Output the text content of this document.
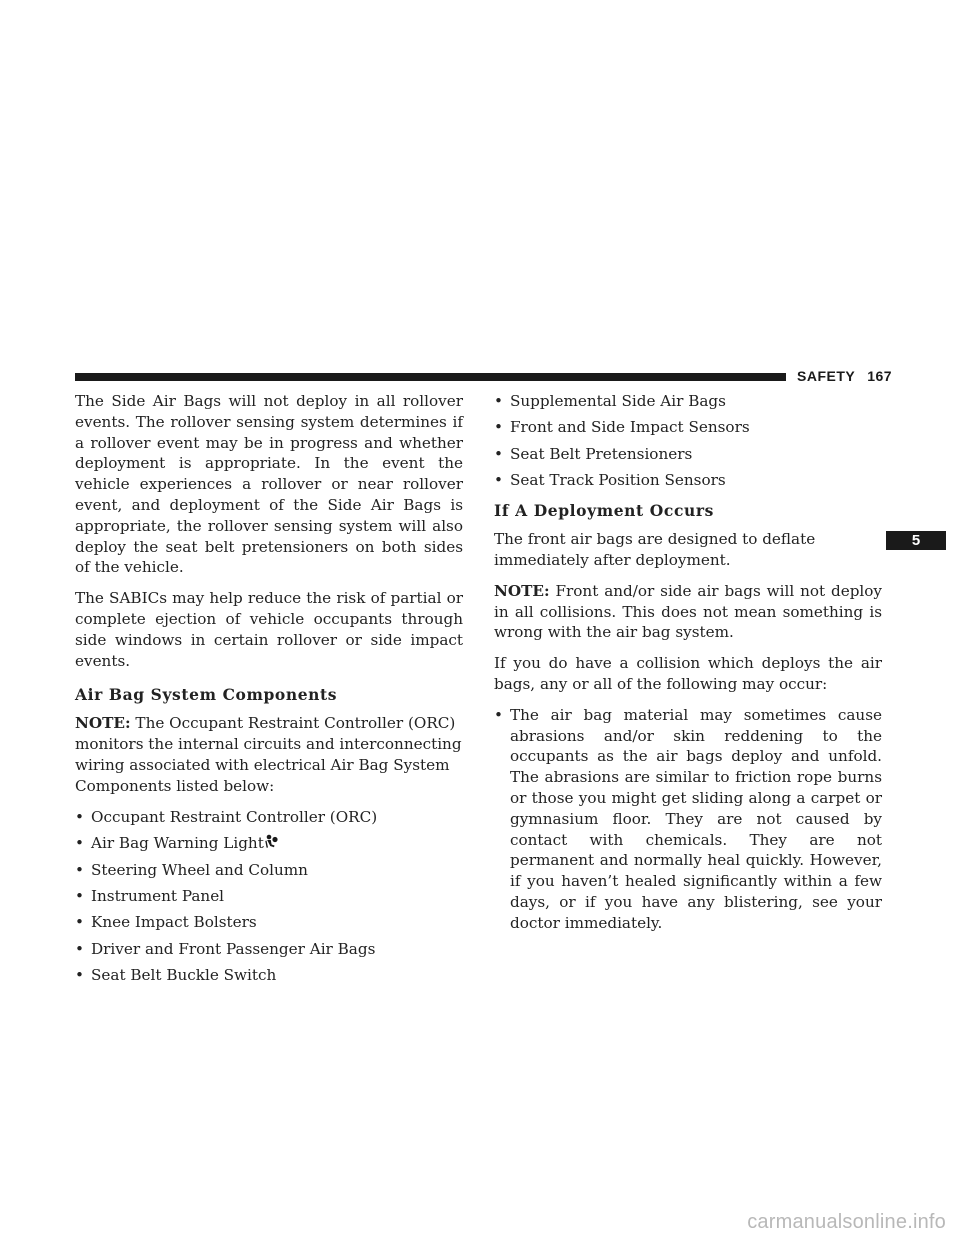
SAFETY 167
5

The Side Air Bags will not deploy in all rollover events. The rollover sensing system determines if a rollover event may be in progress and whether deployment is appropriate. In the event the vehicle experiences a rollover or near rollover event, and deployment of the Side Air Bags is appropriate, the rollover sensing system will also deploy the seat belt pretensioners on both sides of the vehicle.

The SABICs may help reduce the risk of partial or complete ejection of vehicle occupants through side windows in certain rollover or side impact events.

Air Bag System Components

NOTE: The Occupant Restraint Controller (ORC) monitors the internal circuits and interconnecting wiring associated with electrical Air Bag System Components listed below:

• Occupant Restraint Controller (ORC)
• Air Bag Warning Light
• Steering Wheel and Column
• Instrument Panel
• Knee Impact Bolsters
• Driver and Front Passenger Air Bags
• Seat Belt Buckle Switch
• Supplemental Side Air Bags
• Front and Side Impact Sensors
• Seat Belt Pretensioners
• Seat Track Position Sensors
If A Deployment Occurs

The front air bags are designed to deflate immediately after deployment.

NOTE: Front and/or side air bags will not deploy in all collisions. This does not mean something is wrong with the air bag system.

If you do have a collision which deploys the air bags, any or all of the following may occur:

• The air bag material may sometimes cause abrasions and/or skin reddening to the occupants as the air bags deploy and unfold. The abrasions are similar to friction rope burns or those you might get sliding along a carpet or gymnasium floor. They are not caused by contact with chemicals. They are not permanent and normally heal quickly. However, if you haven’t healed significantly within a few days, or if you have any blistering, see your doctor immediately.
carmanualsonline.info
